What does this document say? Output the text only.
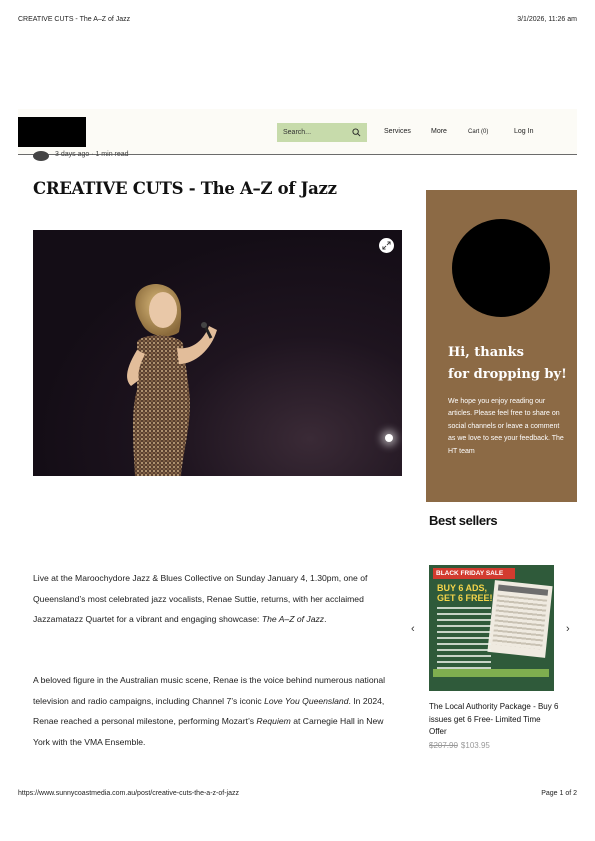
CREATIVE CUTS - The A–Z of Jazz	3/1/2026, 11:26 am
Search...	Services	More	Cart (0)	Log In
3 days ago · 1 min read
CREATIVE CUTS - The A–Z of Jazz

Live at the Maroochydore Jazz & Blues Collective on Sunday January 4, 1.30pm, one of Queensland’s most celebrated jazz vocalists, Renae Suttie, returns, with her acclaimed Jazzamatazz Quartet for a vibrant and engaging showcase: The A–Z of Jazz.

A beloved figure in the Australian music scene, Renae is the voice behind numerous national television and radio campaigns, including Channel 7’s iconic Love You Queensland. In 2024, Renae reached a personal milestone, performing Mozart’s Requiem at Carnegie Hall in New York with the VMA Ensemble.

Hi, thanks
for dropping by!

We hope you enjoy reading our articles. Please feel free to share on social channels or leave a comment as we love to see your feedback. The HT team

Best sellers
‹
BLACK FRIDAY SALE
BUY 6 ADS,
GET 6 FREE!
›
The Local Authority Package - Buy 6 issues get 6 Free- Limited Time Offer
$207.90 $103.95
https://www.sunnycoastmedia.com.au/post/creative-cuts-the-a-z-of-jazz	Page 1 of 2
